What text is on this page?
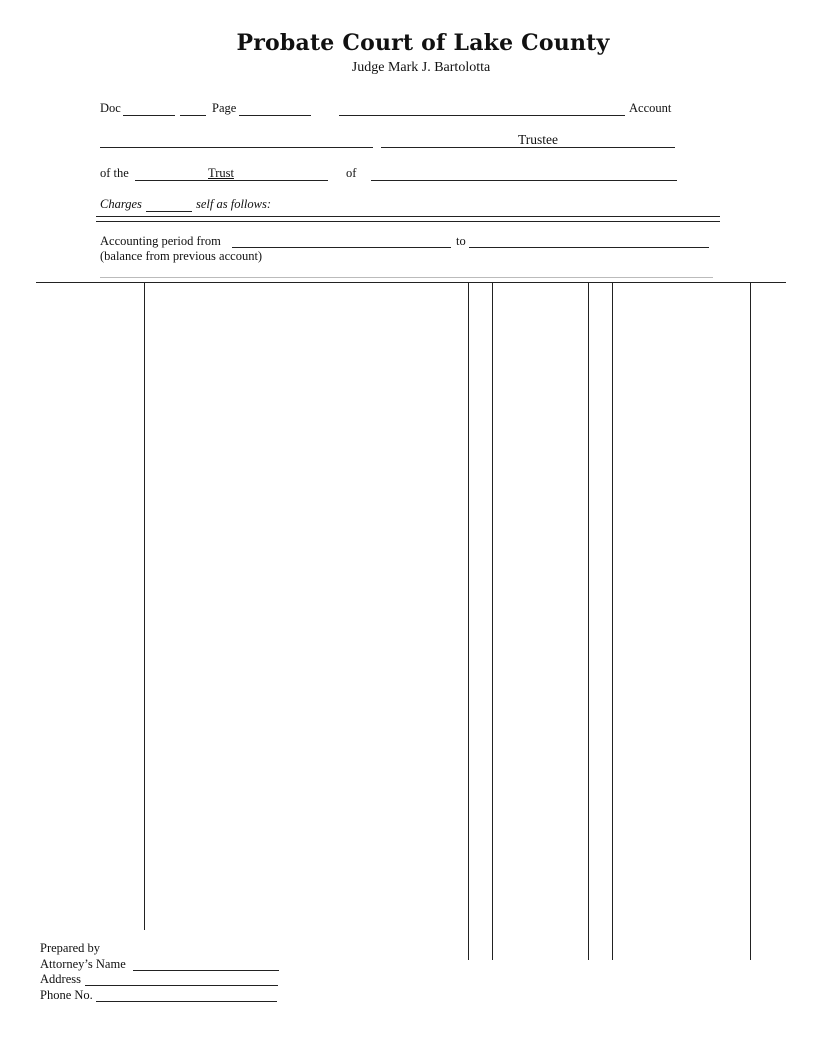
Probate Court of Lake County
Judge Mark J. Bartolotta
Doc	Page	Account
Trustee
of the	Trust	of
Charges	self as follows:
Accounting period from	to
(balance from previous account)
Prepared by
Attorney’s Name
Address
Phone No.
